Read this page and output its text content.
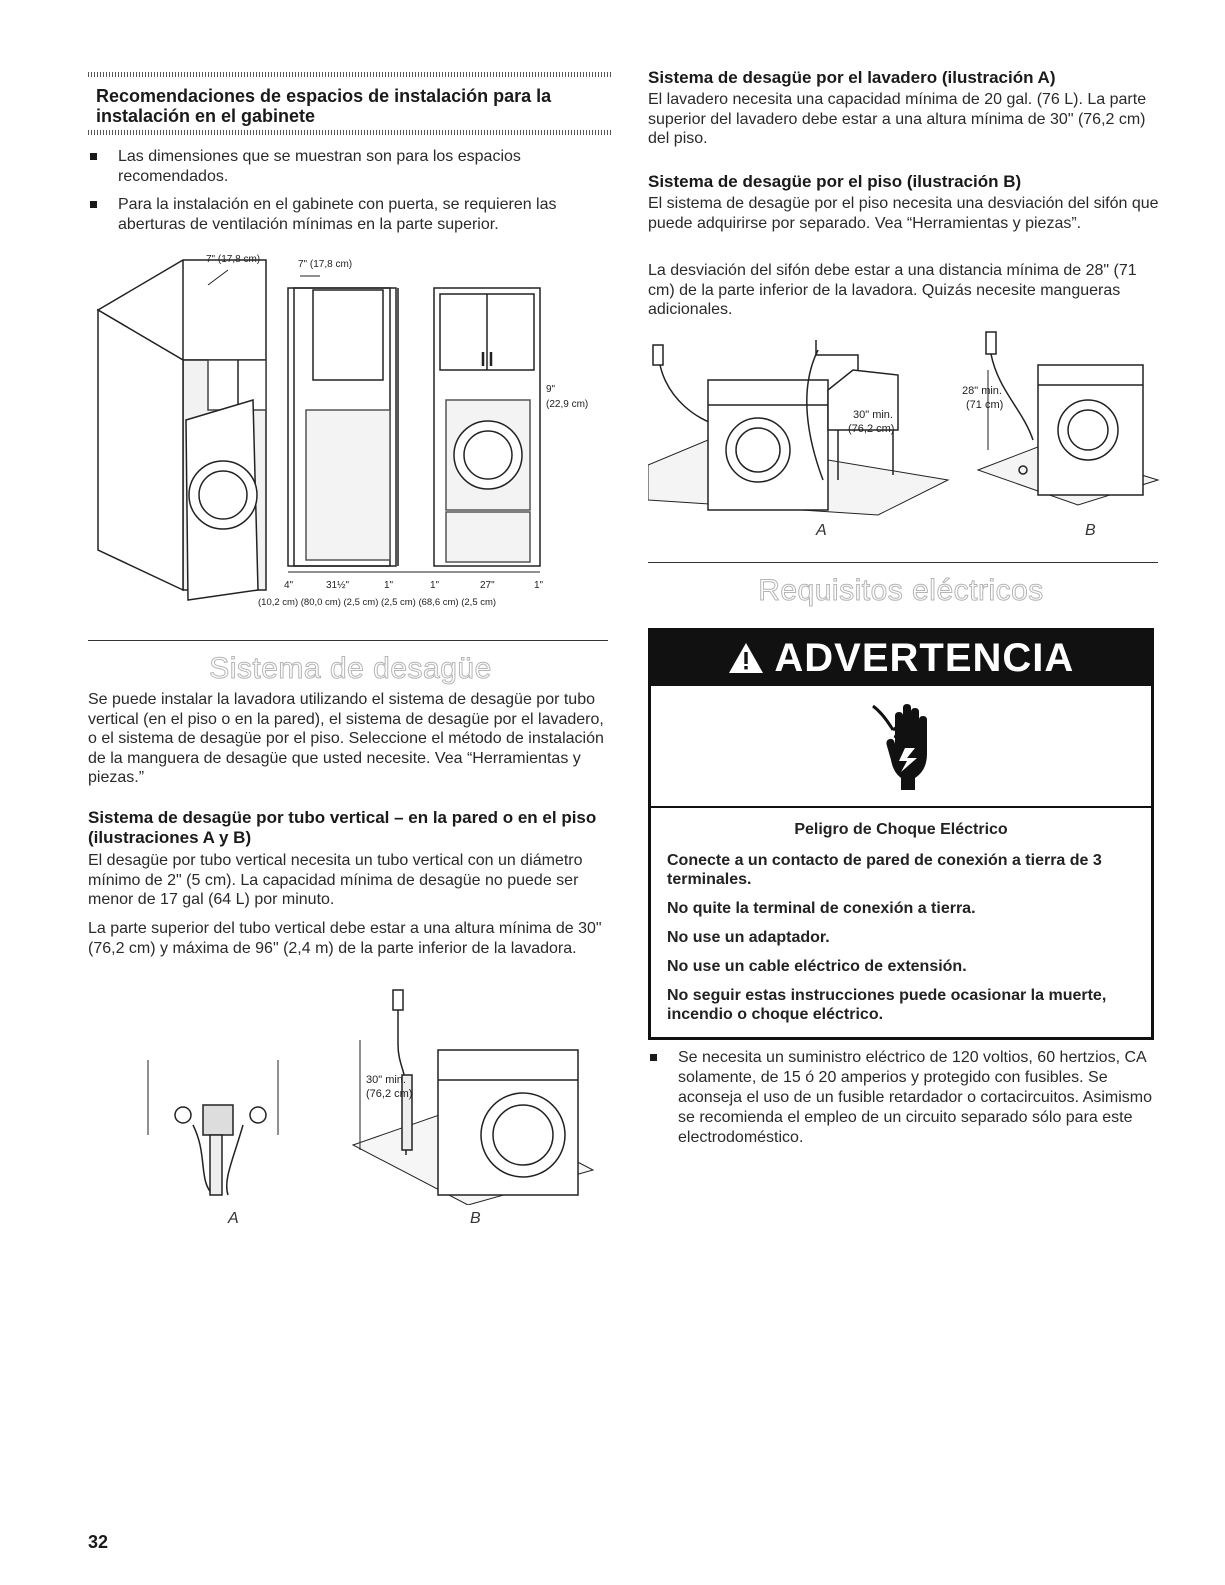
Recomendaciones de espacios de instalación para la instalación en el gabinete
Las dimensiones que se muestran son para los espacios recomendados.
Para la instalación en el gabinete con puerta, se requieren las aberturas de ventilación mínimas en la parte superior.
7" (17,8 cm)	7" (17,8 cm)
9"
(22,9 cm)
4"	31½"	1"	1"	27"	1"
(10,2 cm) (80,0 cm) (2,5 cm) (2,5 cm) (68,6 cm) (2,5 cm)
Sistema de desagüe

Se puede instalar la lavadora utilizando el sistema de desagüe por tubo vertical (en el piso o en la pared), el sistema de desagüe por el lavadero, o el sistema de desagüe por el piso. Seleccione el método de instalación de la manguera de desagüe que usted necesite. Vea “Herramientas y piezas.”

Sistema de desagüe por tubo vertical – en la pared o en el piso (ilustraciones A y B)

El desagüe por tubo vertical necesita un tubo vertical con un diámetro mínimo de 2" (5 cm). La capacidad mínima de desagüe no puede ser menor de 17 gal (64 L) por minuto.

La parte superior del tubo vertical debe estar a una altura mínima de 30" (76,2 cm) y máxima de 96" (2,4 m) de la parte inferior de la lavadora.

30" min.
(76,2 cm)
A	B
32
Sistema de desagüe por el lavadero (ilustración A)

El lavadero necesita una capacidad mínima de 20 gal. (76 L). La parte superior del lavadero debe estar a una altura mínima de 30" (76,2 cm) del piso.

Sistema de desagüe por el piso (ilustración B)

El sistema de desagüe por el piso necesita una desviación del sifón que puede adquirirse por separado. Vea “Herramientas y piezas”.

La desviación del sifón debe estar a una distancia mínima de 28" (71 cm) de la parte inferior de la lavadora. Quizás necesite mangueras adicionales.

30" min.
(76,2 cm)
28" min.
(71 cm)
A	B
Requisitos eléctricos
ADVERTENCIA

Peligro de Choque Eléctrico

Conecte a un contacto de pared de conexión a tierra de 3 terminales.

No quite la terminal de conexión a tierra.

No use un adaptador.

No use un cable eléctrico de extensión.

No seguir estas instrucciones puede ocasionar la muerte, incendio o choque eléctrico.

Se necesita un suministro eléctrico de 120 voltios, 60 hertzios, CA solamente, de 15 ó 20 amperios y protegido con fusibles. Se aconseja el uso de un fusible retardador o cortacircuitos. Asimismo se recomienda el empleo de un circuito separado sólo para este electrodoméstico.
